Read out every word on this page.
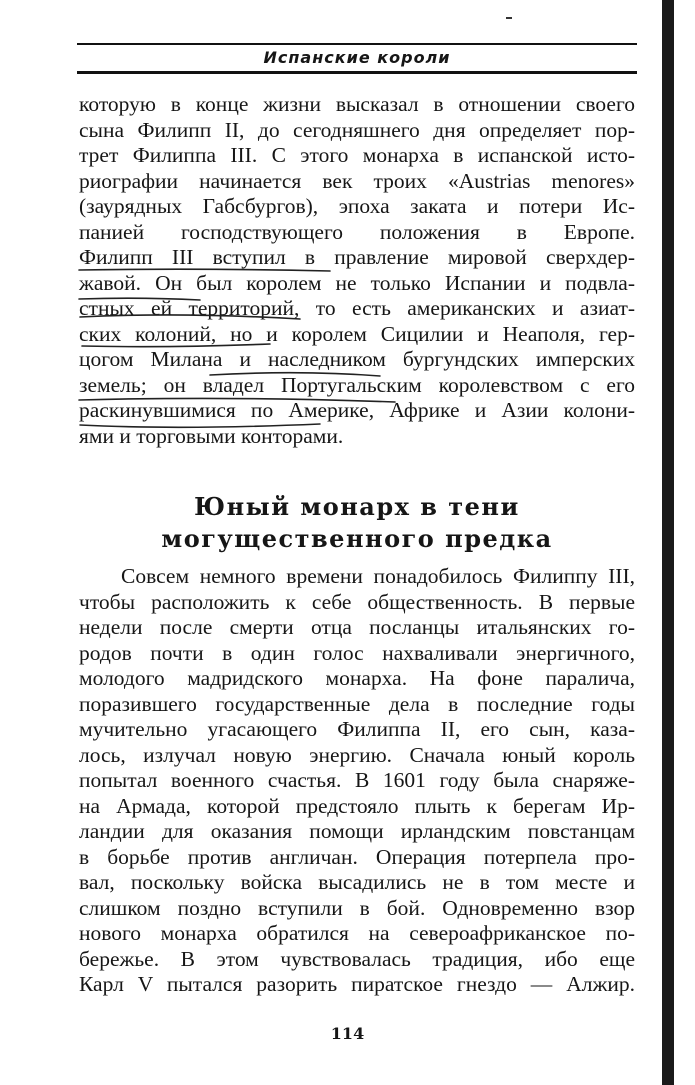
Испанские короли

которую в конце жизни высказал в отношении своего
сына Филипп II, до сегодняшнего дня определяет пор-
трет Филиппа III. С этого монарха в испанской исто-
риографии начинается век троих «Austrias menores»
(заурядных Габсбургов), эпоха заката и потери Ис-
панией господствующего положения в Европе.
Филипп III вступил в правление мировой сверхдер-
жавой. Он был королем не только Испании и подвла-
стных ей территорий, то есть американских и азиат-
ских колоний, но и королем Сицилии и Неаполя, гер-
цогом Милана и наследником бургундских имперских
земель; он владел Португальским королевством с его
раскинувшимися по Америке, Африке и Азии колони-
ями и торговыми конторами.

Юный монарх в тени
могущественного предка

Совсем немного времени понадобилось Филиппу III,
чтобы расположить к себе общественность. В первые
недели после смерти отца посланцы итальянских го-
родов почти в один голос нахваливали энергичного,
молодого мадридского монарха. На фоне паралича,
поразившего государственные дела в последние годы
мучительно угасающего Филиппа II, его сын, каза-
лось, излучал новую энергию. Сначала юный король
попытал военного счастья. В 1601 году была снаряже-
на Армада, которой предстояло плыть к берегам Ир-
ландии для оказания помощи ирландским повстанцам
в борьбе против англичан. Операция потерпела про-
вал, поскольку войска высадились не в том месте и
слишком поздно вступили в бой. Одновременно взор
нового монарха обратился на североафриканское по-
бережье. В этом чувствовалась традиция, ибо еще
Карл V пытался разорить пиратское гнездо — Алжир.

114
